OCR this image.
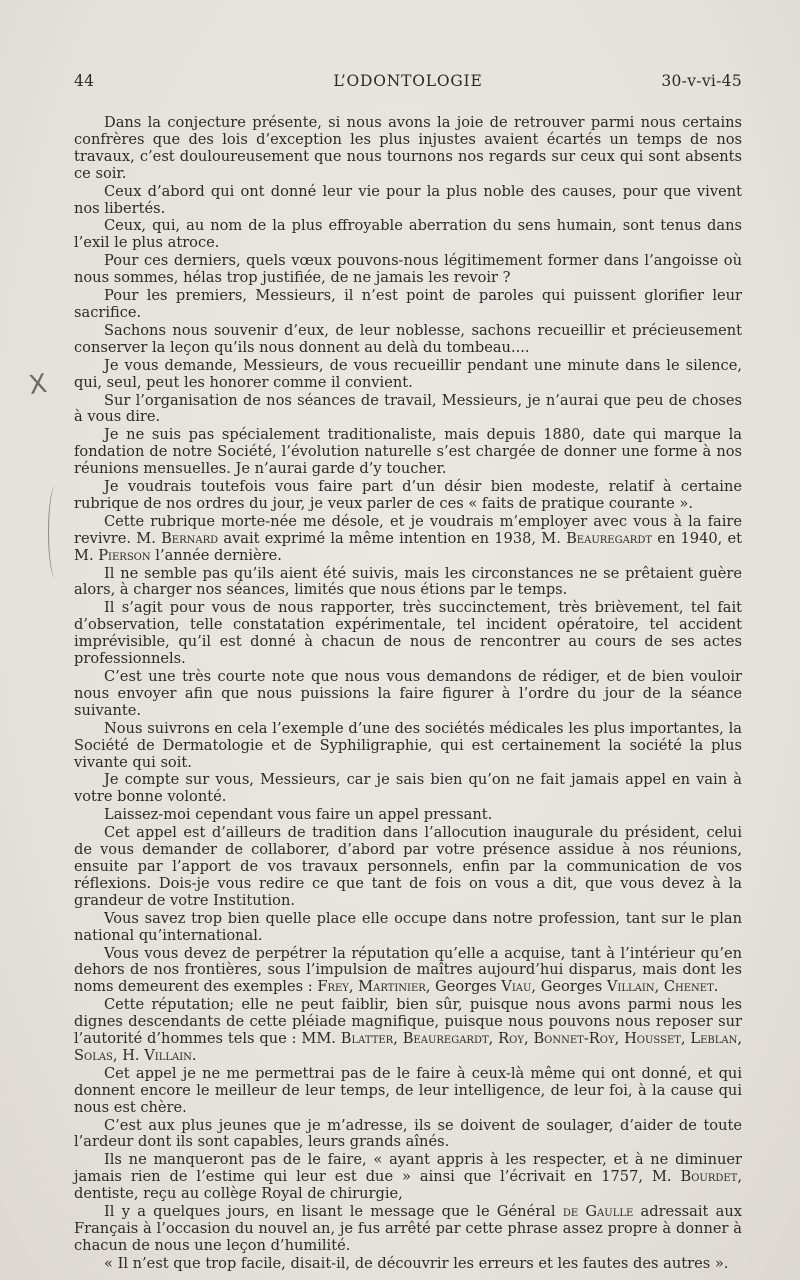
44	L’ODONTOLOGIE	30-v-vi-45
X

Dans la conjecture présente, si nous avons la joie de retrouver parmi nous certains confrères que des lois d’exception les plus injustes avaient écartés un temps de nos travaux, c’est douloureusement que nous tournons nos regards sur ceux qui sont absents ce soir.

Ceux d’abord qui ont donné leur vie pour la plus noble des causes, pour que vivent nos libertés.

Ceux, qui, au nom de la plus effroyable aberration du sens humain, sont tenus dans l’exil le plus atroce.

Pour ces derniers, quels vœux pouvons-nous légitimement former dans l’angoisse où nous sommes, hélas trop justifiée, de ne jamais les revoir ?

Pour les premiers, Messieurs, il n’est point de paroles qui puissent glorifier leur sacrifice.

Sachons nous souvenir d’eux, de leur noblesse, sachons recueillir et précieusement conserver la leçon qu’ils nous donnent au delà du tombeau....

Je vous demande, Messieurs, de vous recueillir pendant une minute dans le silence, qui, seul, peut les honorer comme il convient.

Sur l’organisation de nos séances de travail, Messieurs, je n’aurai que peu de choses à vous dire.

Je ne suis pas spécialement traditionaliste, mais depuis 1880, date qui marque la fondation de notre Société, l’évolution naturelle s’est chargée de donner une forme à nos réunions mensuelles. Je n’aurai garde d’y toucher.

Je voudrais toutefois vous faire part d’un désir bien modeste, relatif à certaine rubrique de nos ordres du jour, je veux parler de ces « faits de pratique courante ».

Cette rubrique morte-née me désole, et je voudrais m’employer avec vous à la faire revivre. M. Bernard avait exprimé la même intention en 1938, M. Beauregardt en 1940, et M. Pierson l’année dernière.

Il ne semble pas qu’ils aient été suivis, mais les circonstances ne se prêtaient guère alors, à charger nos séances, limités que nous étions par le temps.

Il s’agit pour vous de nous rapporter, très succinctement, très brièvement, tel fait d’observation, telle constatation expérimentale, tel incident opératoire, tel accident imprévisible, qu’il est donné à chacun de nous de rencontrer au cours de ses actes professionnels.

C’est une très courte note que nous vous demandons de rédiger, et de bien vouloir nous envoyer afin que nous puissions la faire figurer à l’ordre du jour de la séance suivante.

Nous suivrons en cela l’exemple d’une des sociétés médicales les plus importantes, la Société de Dermatologie et de Syphiligraphie, qui est certainement la société la plus vivante qui soit.

Je compte sur vous, Messieurs, car je sais bien qu’on ne fait jamais appel en vain à votre bonne volonté.

Laissez-moi cependant vous faire un appel pressant.

Cet appel est d’ailleurs de tradition dans l’allocution inaugurale du président, celui de vous demander de collaborer, d’abord par votre présence assidue à nos réunions, ensuite par l’apport de vos travaux personnels, enfin par la communication de vos réflexions. Dois-je vous redire ce que tant de fois on vous a dit, que vous devez à la grandeur de votre Institution.

Vous savez trop bien quelle place elle occupe dans notre profession, tant sur le plan national qu’international.

Vous vous devez de perpétrer la réputation qu’elle a acquise, tant à l’intérieur qu’en dehors de nos frontières, sous l’impulsion de maîtres aujourd’hui disparus, mais dont les noms demeurent des exemples : Frey, Martinier, Georges Viau, Georges Villain, Chenet.

Cette réputation; elle ne peut faiblir, bien sûr, puisque nous avons parmi nous les dignes descendants de cette pléiade magnifique, puisque nous pouvons nous reposer sur l’autorité d’hommes tels que : MM. Blatter, Beauregardt, Roy, Bonnet-Roy, Housset, Leblan, Solas, H. Villain.

Cet appel je ne me permettrai pas de le faire à ceux-là même qui ont donné, et qui donnent encore le meilleur de leur temps, de leur intelligence, de leur foi, à la cause qui nous est chère.

C’est aux plus jeunes que je m’adresse, ils se doivent de soulager, d’aider de toute l’ardeur dont ils sont capables, leurs grands aînés.

Ils ne manqueront pas de le faire, « ayant appris à les respecter, et à ne diminuer jamais rien de l’estime qui leur est due » ainsi que l’écrivait en 1757, M. Bourdet, dentiste, reçu au collège Royal de chirurgie,

Il y a quelques jours, en lisant le message que le Général de Gaulle adressait aux Français à l’occasion du nouvel an, je fus arrêté par cette phrase assez propre à donner à chacun de nous une leçon d’humilité.

« Il n’est que trop facile, disait-il, de découvrir les erreurs et les fautes des autres ».
